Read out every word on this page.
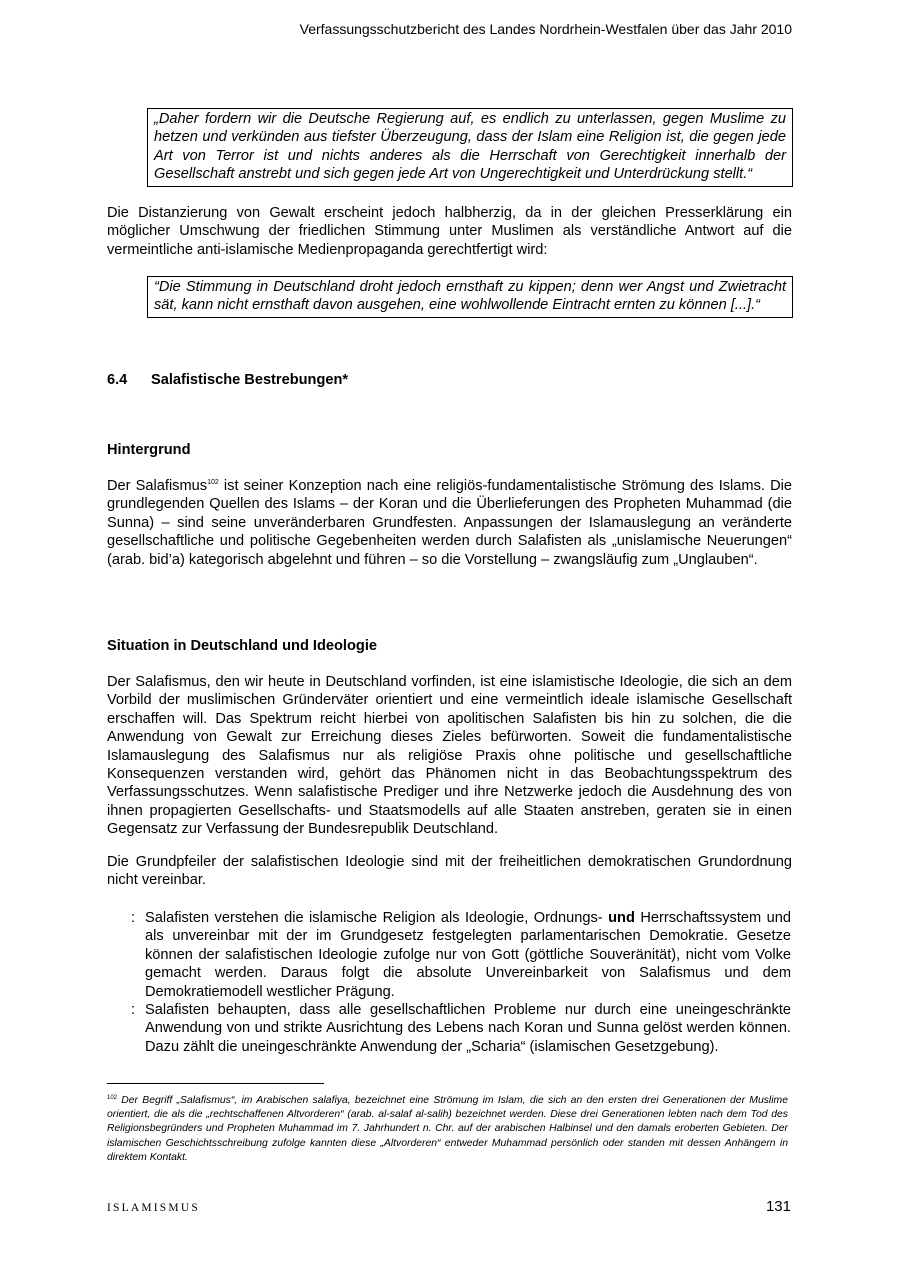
Verfassungsschutzbericht des Landes Nordrhein-Westfalen über das Jahr 2010
„Daher fordern wir die Deutsche Regierung auf, es endlich zu unterlassen, gegen Muslime zu hetzen und verkünden aus tiefster Überzeugung, dass der Islam eine Religion ist, die gegen jede Art von Terror ist und nichts anderes als die Herrschaft von Gerechtigkeit innerhalb der Gesellschaft anstrebt und sich gegen jede Art von Ungerechtigkeit und Unterdrückung stellt.“

Die Distanzierung von Gewalt erscheint jedoch halbherzig, da in der gleichen Presserklärung ein möglicher Umschwung der friedlichen Stimmung unter Muslimen als verständliche Antwort auf die vermeintliche anti-islamische Medienpropaganda gerechtfertigt wird:

“Die Stimmung in Deutschland droht jedoch ernsthaft zu kippen; denn wer Angst und Zwietracht sät, kann nicht ernsthaft davon ausgehen, eine wohlwollende Eintracht ernten zu können [...].“
6.4 Salafistische Bestrebungen*
Hintergrund

Der Salafismus$^{102}$ ist seiner Konzeption nach eine religiös-fundamentalistische Strömung des Islams. Die grundlegenden Quellen des Islams – der Koran und die Überlieferungen des Propheten Muhammad (die Sunna) – sind seine unveränderbaren Grundfesten. Anpassungen der Islamauslegung an veränderte gesellschaftliche und politische Gegebenheiten werden durch Salafisten als „unislamische Neuerungen“ (arab. bid’a) kategorisch abgelehnt und führen – so die Vorstellung – zwangsläufig zum „Unglauben“.

Situation in Deutschland und Ideologie

Der Salafismus, den wir heute in Deutschland vorfinden, ist eine islamistische Ideologie, die sich an dem Vorbild der muslimischen Gründerväter orientiert und eine vermeintlich ideale islamische Gesellschaft erschaffen will. Das Spektrum reicht hierbei von apolitischen Salafisten bis hin zu solchen, die die Anwendung von Gewalt zur Erreichung dieses Zieles befürworten. Soweit die fundamentalistische Islamauslegung des Salafismus nur als religiöse Praxis ohne politische und gesellschaftliche Konsequenzen verstanden wird, gehört das Phänomen nicht in das Beobachtungsspektrum des Verfassungsschutzes. Wenn salafistische Prediger und ihre Netzwerke jedoch die Ausdehnung des von ihnen propagierten Gesellschafts- und Staatsmodells auf alle Staaten anstreben, geraten sie in einen Gegensatz zur Verfassung der Bundesrepublik Deutschland.

Die Grundpfeiler der salafistischen Ideologie sind mit der freiheitlichen demokratischen Grundordnung nicht vereinbar.

: Salafisten verstehen die islamische Religion als Ideologie, Ordnungs- und Herrschaftssystem und als unvereinbar mit der im Grundgesetz festgelegten parlamentarischen Demokratie. Gesetze können der salafistischen Ideologie zufolge nur von Gott (göttliche Souveränität), nicht vom Volke gemacht werden. Daraus folgt die absolute Unvereinbarkeit von Salafismus und dem Demokratiemodell westlicher Prägung.
: Salafisten behaupten, dass alle gesellschaftlichen Probleme nur durch eine uneingeschränkte Anwendung von und strikte Ausrichtung des Lebens nach Koran und Sunna gelöst werden können. Dazu zählt die uneingeschränkte Anwendung der „Scharia“ (islamischen Gesetzgebung).

$^{102}$ Der Begriff „Salafismus“, im Arabischen salafiya, bezeichnet eine Strömung im Islam, die sich an den ersten drei Generationen der Muslime orientiert, die als die „rechtschaffenen Altvorderen“ (arab. al-salaf al-salih) bezeichnet werden. Diese drei Generationen lebten nach dem Tod des Religionsbegründers und Propheten Muhammad im 7. Jahrhundert n. Chr. auf der arabischen Halbinsel und den damals eroberten Gebieten. Der islamischen Geschichtsschreibung zufolge kannten diese „Altvorderen“ entweder Muhammad persönlich oder standen mit dessen Anhängern in direktem Kontakt.

ISLAMISMUS	131
